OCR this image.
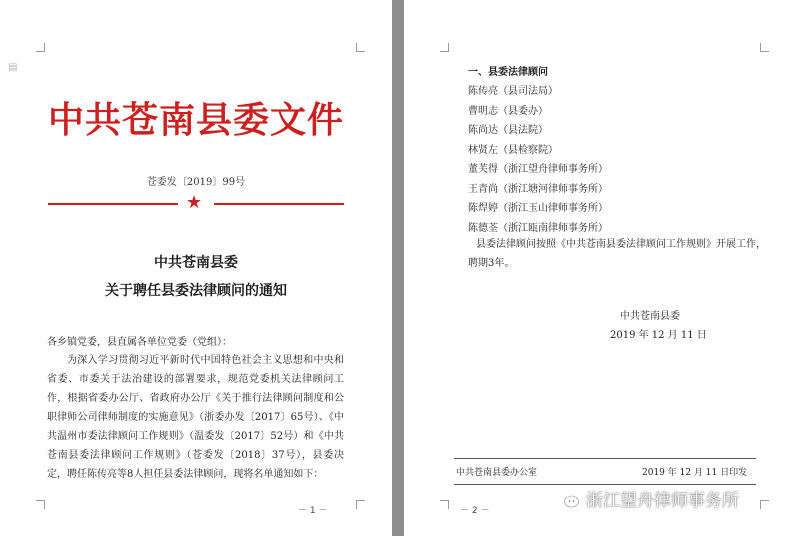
▤
中共苍南县委文件
苍委发〔2019〕99号
★
中共苍南县委
关于聘任县委法律顾问的通知
各乡镇党委，县直属各单位党委（党组）：

为深入学习贯彻习近平新时代中国特色社会主义思想和中央和省委、市委关于法治建设的部署要求，规范党委机关法律顾问工作，根据省委办公厅、省政府办公厅《关于推行法律顾问制度和公职律师公司律师制度的实施意见》（浙委办发〔2017〕65号）、《中共温州市委法律顾问工作规则》（温委发〔2017〕52号）和《中共苍南县委法律顾问工作规则》（苍委发〔2018〕37号），县委决定，聘任陈传亮等8人担任县委法律顾问，现将名单通知如下：

－ 1 －
一、县委法律顾问
陈传亮（县司法局）
曹明志（县委办）
陈尚达（县法院）
林贤左（县检察院）
董芙得（浙江望舟律师事务所）
王青尚（浙江塘河律师事务所）
陈焊婷（浙江玉山律师事务所）
陈德荃（浙江瓯南律师事务所）

县委法律顾问按照《中共苍南县委法律顾问工作规则》开展工作，聘期3年。

中共苍南县委
2019 年 12 月 11 日
中共苍南县委办公室	2019 年 12 月 11 日印发
－ 2 －	浙江望舟律师事务所
